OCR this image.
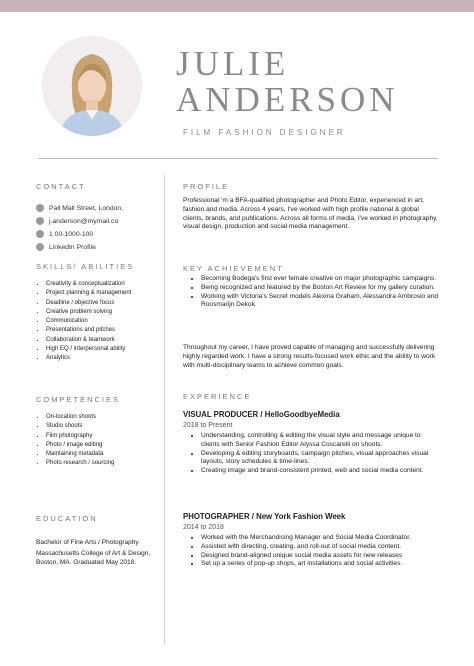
JULIE
ANDERSON
FILM FASHION DESIGNER
CONTACT
Pall Mall Street, London,
j.anderson@mymail.co
1 00-1000-100
LinkedIn Profile
SKILLS/ ABILITIES
• Creativity & conceptualization
• Project planning & management
• Deadline / objective focus
• Creative problem solving
• Communication
• Presentations and pitches
• Collaboration & teamwork
• High EQ / interpersonal ability
• Analytics
COMPETENCIES
• On-location shoots
• Studio shoots
• Film photography
• Photo / image editing
• Maintaining metadata
• Photo research / sourcing
EDUCATION
Bachelor of Fine Arts / Photography
Massachusetts College of Art & Design, Boston, MA. Graduated May 2018.
PROFILE
Professional 'm a BFA-qualified photographer and Photo Editor, experienced in art, fashion and media. Across 4 years, I've worked with high profile national & global clients, brands, and publications. Across all forms of media, I've worked in photography, visual design, production and social media management.
KEY ACHIEVEMENT
• Becoming Bodega's first ever female creative on major photographic campaigns.
• Being recognized and featured by the Boston Art Review for my gallery curation.
• Working with Victoria's Secret models Alexina Graham, Alessandra Ambrosio and Roosmarijn Dekok.
Throughout my career, I have proved capable of managing and successfully delivering highly regarded work. I have a strong results-focused work ethic and the ability to work with multi-disciplinary teams to achieve common goals.
EXPERIENCE
VISUAL PRODUCER / HelloGoodbyeMedia
2018 to Present
• Understanding, controlling & editing the visual style and message unique to clients with Senior Fashion Editor Alyssa Coscarelli on shoots.
• Developing & editing storyboards, campaign pitches, visual approaches visual layouts, story schedules & time-lines.
• Creating image and brand-consistent printed, web and social media content.
PHOTOGRAPHER / New York Fashion Week
2014 to 2018
• Worked with the Merchandising Manager and Social Media Coordinator.
• Assisted with directing, creating, and roll-out of social media content.
• Designed brand-aligned unique social media assets for new releases
• Set up a series of pop-up shops, art installations and social activities.
